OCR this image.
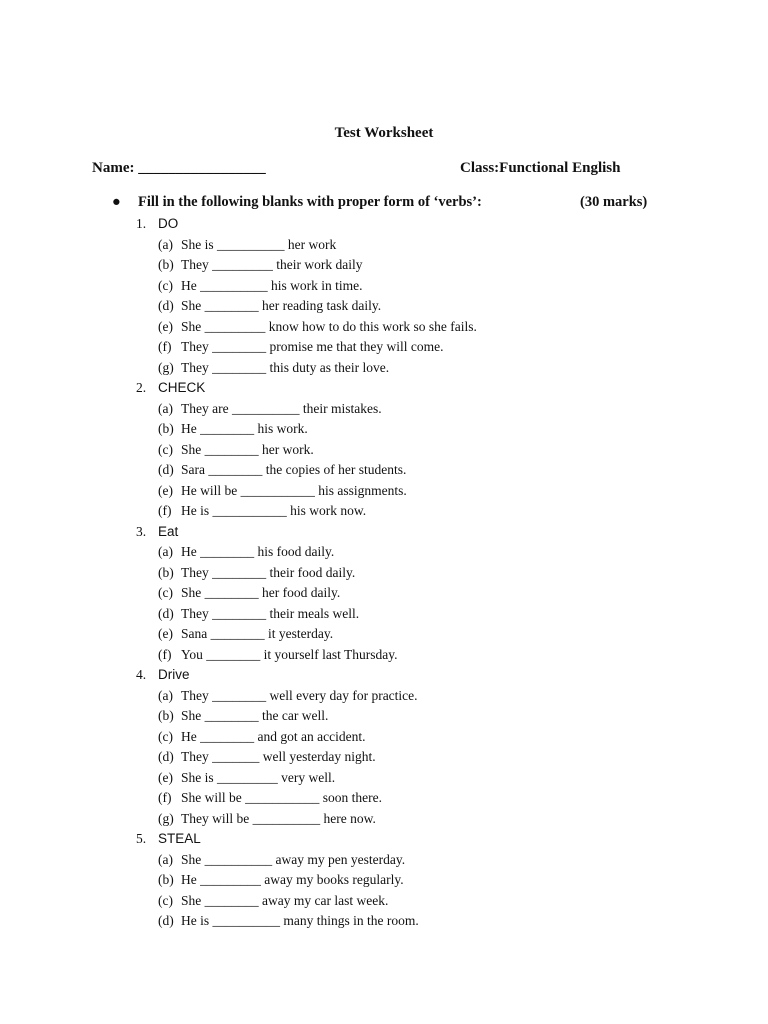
Test Worksheet
Name: _________________	Class:Functional English
● Fill in the following blanks with proper form of ‘verbs’:	(30 marks)
1. DO
(a) She is __________ her work
(b) They _________ their work daily
(c) He __________ his work in time.
(d) She ________ her reading task daily.
(e) She _________ know how to do this work so she fails.
(f) They ________ promise me that they will come.
(g) They ________ this duty as their love.
2. CHECK
(a) They are __________ their mistakes.
(b) He ________ his work.
(c) She ________ her work.
(d) Sara ________ the copies of her students.
(e) He will be ___________ his assignments.
(f) He is ___________ his work now.
3. Eat
(a) He ________ his food daily.
(b) They ________ their food daily.
(c) She ________ her food daily.
(d) They ________ their meals well.
(e) Sana ________ it yesterday.
(f) You ________ it yourself last Thursday.
4. Drive
(a) They ________ well every day for practice.
(b) She ________ the car well.
(c) He ________ and got an accident.
(d) They _______ well yesterday night.
(e) She is _________ very well.
(f) She will be ___________ soon there.
(g) They will be __________ here now.
5. STEAL
(a) She __________ away my pen yesterday.
(b) He _________ away my books regularly.
(c) She ________ away my car last week.
(d) He is __________ many things in the room.
